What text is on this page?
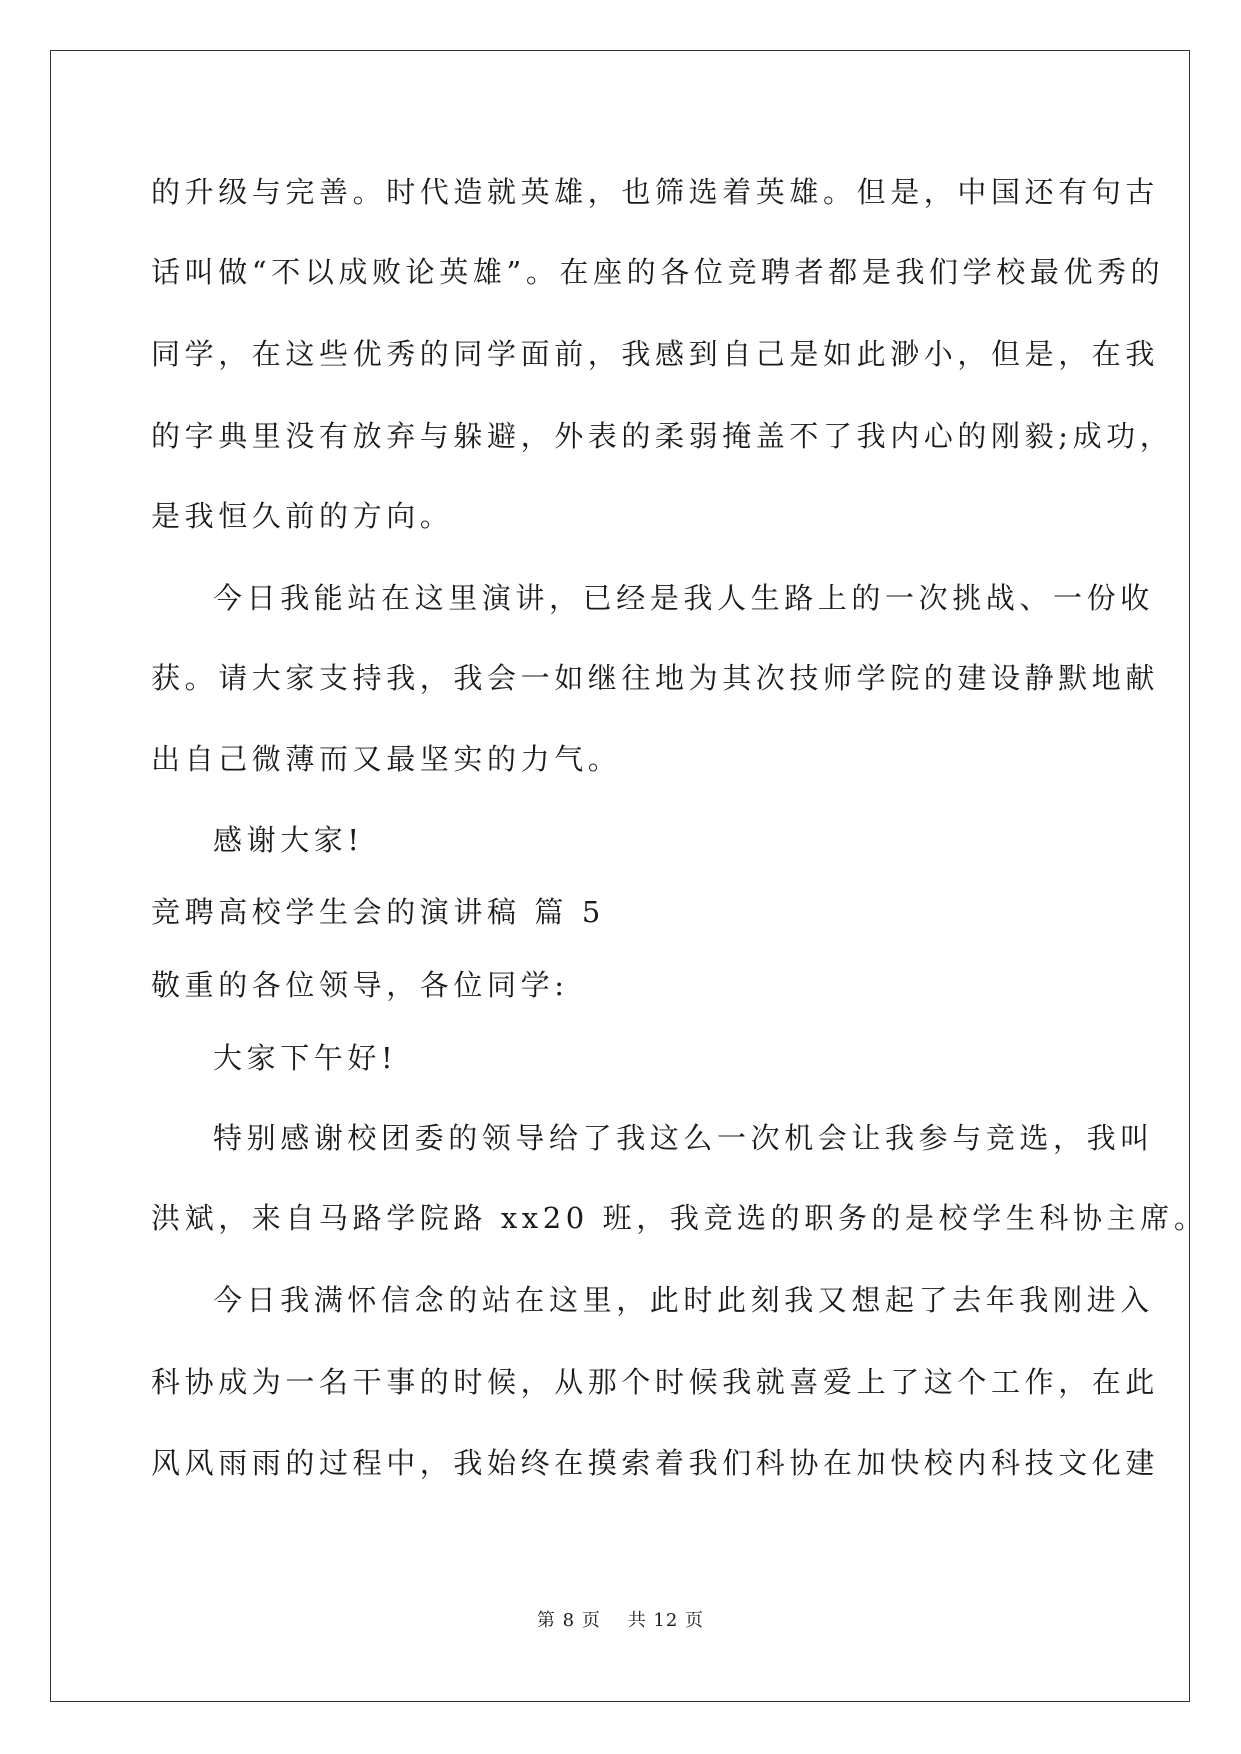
的升级与完善。时代造就英雄，也筛选着英雄。但是，中国还有句古
话叫做“不以成败论英雄”。在座的各位竞聘者都是我们学校最优秀的
同学，在这些优秀的同学面前，我感到自己是如此渺小，但是，在我
的字典里没有放弃与躲避，外表的柔弱掩盖不了我内心的刚毅;成功，
是我恒久前的方向。
今日我能站在这里演讲，已经是我人生路上的一次挑战、一份收
获。请大家支持我，我会一如继往地为其次技师学院的建设静默地献
出自己微薄而又最坚实的力气。
感谢大家!
竞聘高校学生会的演讲稿 篇 5
敬重的各位领导，各位同学:
大家下午好!
特别感谢校团委的领导给了我这么一次机会让我参与竞选，我叫
洪斌，来自马路学院路 xx20 班，我竞选的职务的是校学生科协主席。
今日我满怀信念的站在这里，此时此刻我又想起了去年我刚进入
科协成为一名干事的时候，从那个时候我就喜爱上了这个工作，在此
风风雨雨的过程中，我始终在摸索着我们科协在加快校内科技文化建
第 8 页    共 12 页
